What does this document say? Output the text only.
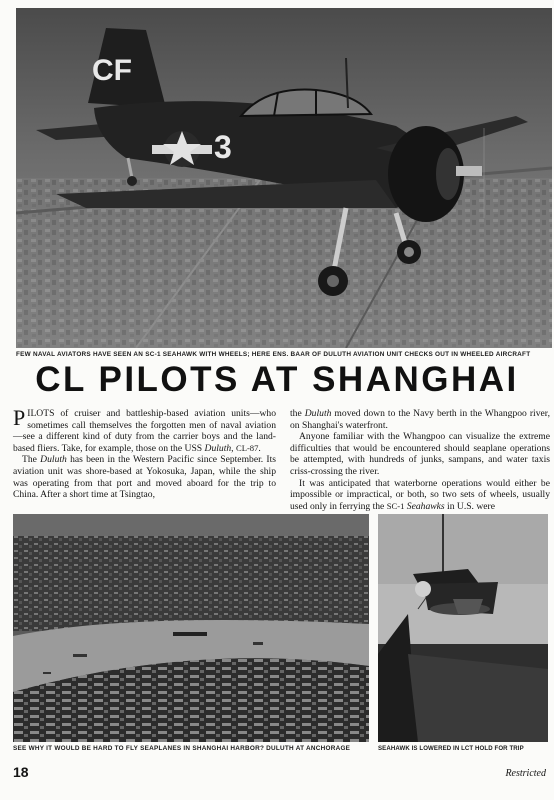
CF
3
FEW NAVAL AVIATORS HAVE SEEN AN SC-1 SEAHAWK WITH WHEELS; HERE ENS. BAAR OF DULUTH AVIATION UNIT CHECKS OUT IN WHEELED AIRCRAFT
CL PILOTS AT SHANGHAI

PILOTS of cruiser and battleship-based aviation units—who sometimes call themselves the forgotten men of naval aviation—see a different kind of duty from the carrier boys and the land-based fliers. Take, for example, those on the USS Duluth, CL-87.

The Duluth has been in the Western Pacific since September. Its aviation unit was shore-based at Yokosuka, Japan, while the ship was operating from that port and moved aboard for the trip to China. After a short time at Tsingtao,

the Duluth moved down to the Navy berth in the Whangpoo river, on Shanghai's waterfront.

Anyone familiar with the Whangpoo can visualize the extreme difficulties that would be encountered should seaplane operations be attempted, with hundreds of junks, sampans, and water taxis criss-crossing the river.

It was anticipated that waterborne operations would either be impossible or impractical, or both, so two sets of wheels, usually used only in ferrying the SC-1 Seahawks in U.S. were

SEE WHY IT WOULD BE HARD TO FLY SEAPLANES IN SHANGHAI HARBOR? DULUTH AT ANCHORAGE	SEAHAWK IS LOWERED IN LCT HOLD FOR TRIP
18	Restricted
